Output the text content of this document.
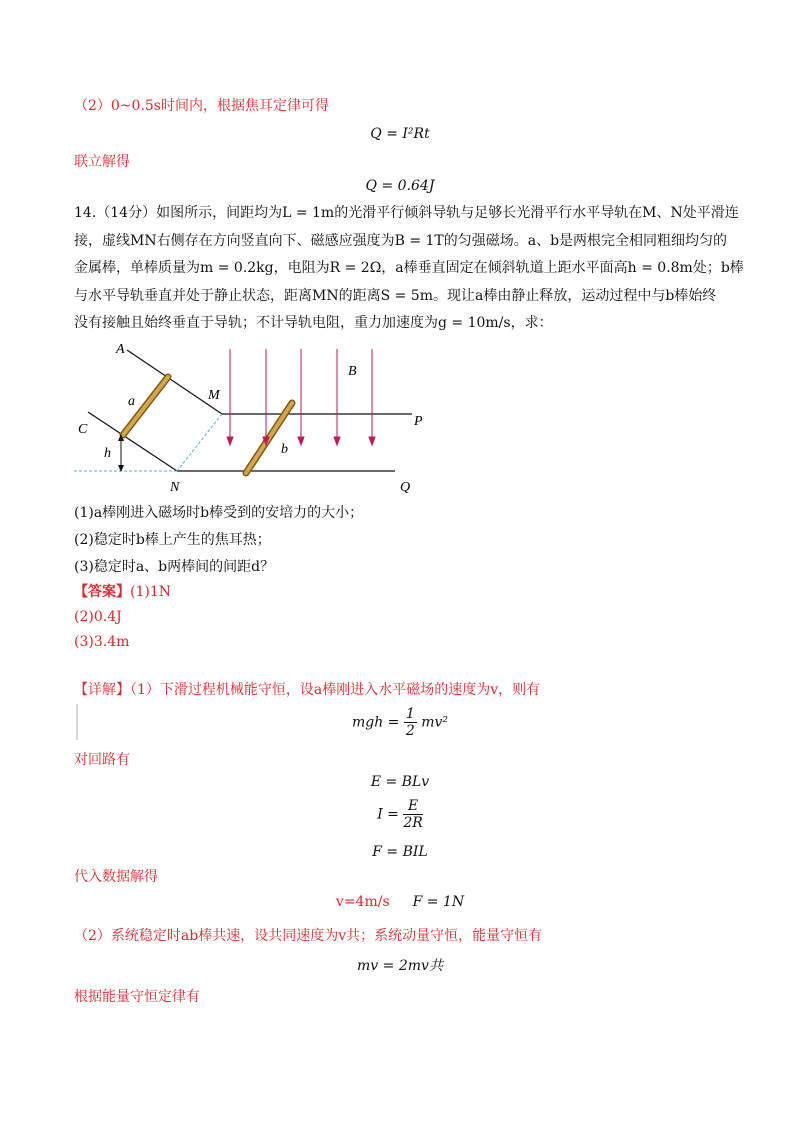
（2）0~0.5s时间内，根据焦耳定律可得
Q = I²Rt
联立解得
Q = 0.64J
14.（14分）如图所示，间距均为L = 1m的光滑平行倾斜导轨与足够长光滑平行水平导轨在M、N处平滑连
接，虚线MN右侧存在方向竖直向下、磁感应强度为B = 1T的匀强磁场。a、b是两根完全相同粗细均匀的
金属棒，单棒质量为m = 0.2kg，电阻为R = 2Ω，a棒垂直固定在倾斜轨道上距水平面高h = 0.8m处；b棒
与水平导轨垂直并处于静止状态，距离MN的距离S = 5m。现让a棒由静止释放，运动过程中与b棒始终
没有接触且始终垂直于导轨；不计导轨电阻，重力加速度为g = 10m/s，求：
A
C
M
N
P
Q
B
a
b
h
(1)a棒刚进入磁场时b棒受到的安培力的大小；
(2)稳定时b棒上产生的焦耳热；
(3)稳定时a、b两棒间的间距d？
【答案】(1)1N
(2)0.4J
(3)3.4m
【详解】（1）下滑过程机械能守恒，设a棒刚进入水平磁场的速度为v，则有
mgh = $\frac{1}{2} mv^2$
对回路有
E = BLv
$I = \frac{E}{2R}$
F = BIL
代入数据解得
v=4m/s F = 1N
（2）系统稳定时ab棒共速，设共同速度为v共；系统动量守恒，能量守恒有
mv = 2mv共
根据能量守恒定律有
